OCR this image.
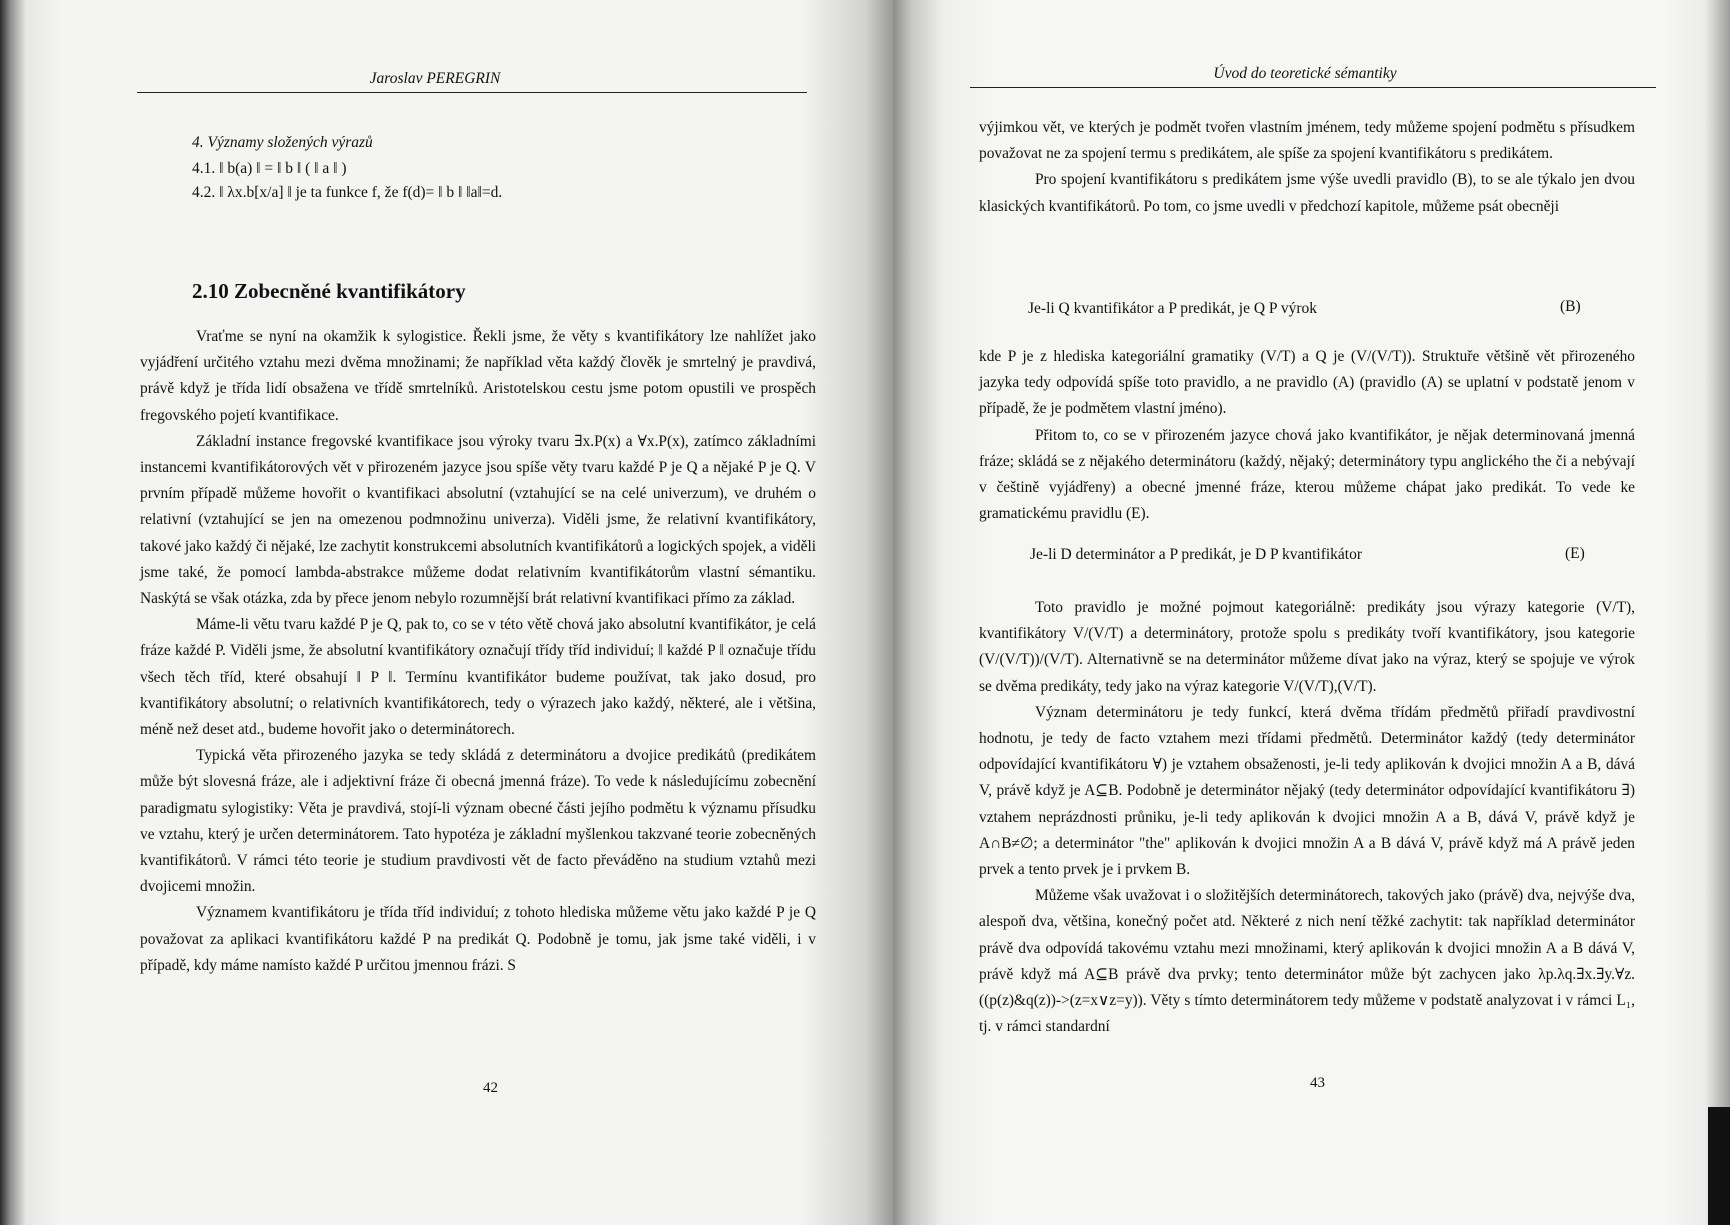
Jaroslav PEREGRIN
4. Významy složených výrazů
4.1. ‖ b(a) ‖ = ‖ b ‖ ( ‖ a ‖ )
4.2. ‖ λx.b[x/a] ‖ je ta funkce f, že f(d)= ‖ b ‖ ‖a‖=d.
2.10 Zobecněné kvantifikátory

Vraťme se nyní na okamžik k sylogistice. Řekli jsme, že věty s kvantifikátory lze nahlížet jako vyjádření určitého vztahu mezi dvěma množinami; že například věta každý člověk je smrtelný je pravdivá, právě když je třída lidí obsažena ve třídě smrtelníků. Aristotelskou cestu jsme potom opustili ve prospěch fregovského pojetí kvantifikace.

Základní instance fregovské kvantifikace jsou výroky tvaru ∃x.P(x) a ∀x.P(x), zatímco základními instancemi kvantifikátorových vět v přirozeném jazyce jsou spíše věty tvaru každé P je Q a nějaké P je Q. V prvním případě můžeme hovořit o kvantifikaci absolutní (vztahující se na celé univerzum), ve druhém o relativní (vztahující se jen na omezenou podmnožinu univerza). Viděli jsme, že relativní kvantifikátory, takové jako každý či nějaké, lze zachytit konstrukcemi absolutních kvantifikátorů a logických spojek, a viděli jsme také, že pomocí lambda-abstrakce můžeme dodat relativním kvantifikátorům vlastní sémantiku. Naskýtá se však otázka, zda by přece jenom nebylo rozumnější brát relativní kvantifikaci přímo za základ.

Máme-li větu tvaru každé P je Q, pak to, co se v této větě chová jako absolutní kvantifikátor, je celá fráze každé P. Viděli jsme, že absolutní kvantifikátory označují třídy tříd individuí; ‖ každé P ‖ označuje třídu všech těch tříd, které obsahují ‖ P ‖. Termínu kvantifikátor budeme používat, tak jako dosud, pro kvantifikátory absolutní; o relativních kvantifikátorech, tedy o výrazech jako každý, některé, ale i většina, méně než deset atd., budeme hovořit jako o determinátorech.

Typická věta přirozeného jazyka se tedy skládá z determinátoru a dvojice predikátů (predikátem může být slovesná fráze, ale i adjektivní fráze či obecná jmenná fráze). To vede k následujícímu zobecnění paradigmatu sylogistiky: Věta je pravdivá, stojí-li význam obecné části jejího podmětu k významu přísudku ve vztahu, který je určen determinátorem. Tato hypotéza je základní myšlenkou takzvané teorie zobecněných kvantifikátorů. V rámci této teorie je studium pravdivosti vět de facto převáděno na studium vztahů mezi dvojicemi množin.

Významem kvantifikátoru je třída tříd individuí; z tohoto hlediska můžeme větu jako každé P je Q považovat za aplikaci kvantifikátoru každé P na predikát Q. Podobně je tomu, jak jsme také viděli, i v případě, kdy máme namísto každé P určitou jmennou frázi. S

42
Úvod do teoretické sémantiky

výjimkou vět, ve kterých je podmět tvořen vlastním jménem, tedy můžeme spojení podmětu s přísudkem považovat ne za spojení termu s predikátem, ale spíše za spojení kvantifikátoru s predikátem.

Pro spojení kvantifikátoru s predikátem jsme výše uvedli pravidlo (B), to se ale týkalo jen dvou klasických kvantifikátorů. Po tom, co jsme uvedli v předchozí kapitole, můžeme psát obecněji

Je-li Q kvantifikátor a P predikát, je Q P výrok	(B)

kde P je z hlediska kategoriální gramatiky (V/T) a Q je (V/(V/T)). Struktuře většině vět přirozeného jazyka tedy odpovídá spíše toto pravidlo, a ne pravidlo (A) (pravidlo (A) se uplatní v podstatě jenom v případě, že je podmětem vlastní jméno).

Přitom to, co se v přirozeném jazyce chová jako kvantifikátor, je nějak determinovaná jmenná fráze; skládá se z nějakého determinátoru (každý, nějaký; determinátory typu anglického the či a nebývají v češtině vyjádřeny) a obecné jmenné fráze, kterou můžeme chápat jako predikát. To vede ke gramatickému pravidlu (E).

Je-li D determinátor a P predikát, je D P kvantifikátor	(E)

Toto pravidlo je možné pojmout kategoriálně: predikáty jsou výrazy kategorie (V/T), kvantifikátory V/(V/T) a determinátory, protože spolu s predikáty tvoří kvantifikátory, jsou kategorie (V/(V/T))/(V/T). Alternativně se na determinátor můžeme dívat jako na výraz, který se spojuje ve výrok se dvěma predikáty, tedy jako na výraz kategorie V/(V/T),(V/T).

Význam determinátoru je tedy funkcí, která dvěma třídám předmětů přiřadí pravdivostní hodnotu, je tedy de facto vztahem mezi třídami předmětů. Determinátor každý (tedy determinátor odpovídající kvantifikátoru ∀) je vztahem obsaženosti, je-li tedy aplikován k dvojici množin A a B, dává V, právě když je A⊆B. Podobně je determinátor nějaký (tedy determinátor odpovídající kvantifikátoru ∃) vztahem neprázdnosti průniku, je-li tedy aplikován k dvojici množin A a B, dává V, právě když je A∩B≠∅; a determinátor "the" aplikován k dvojici množin A a B dává V, právě když má A právě jeden prvek a tento prvek je i prvkem B.

Můžeme však uvažovat i o složitějších determinátorech, takových jako (právě) dva, nejvýše dva, alespoň dva, většina, konečný počet atd. Některé z nich není těžké zachytit: tak například determinátor právě dva odpovídá takovému vztahu mezi množinami, který aplikován k dvojici množin A a B dává V, právě když má A⊆B právě dva prvky; tento determinátor může být zachycen jako λp.λq.∃x.∃y.∀z.((p(z)&q(z))->(z=x∨z=y)). Věty s tímto determinátorem tedy můžeme v podstatě analyzovat i v rámci L₁, tj. v rámci standardní

43
